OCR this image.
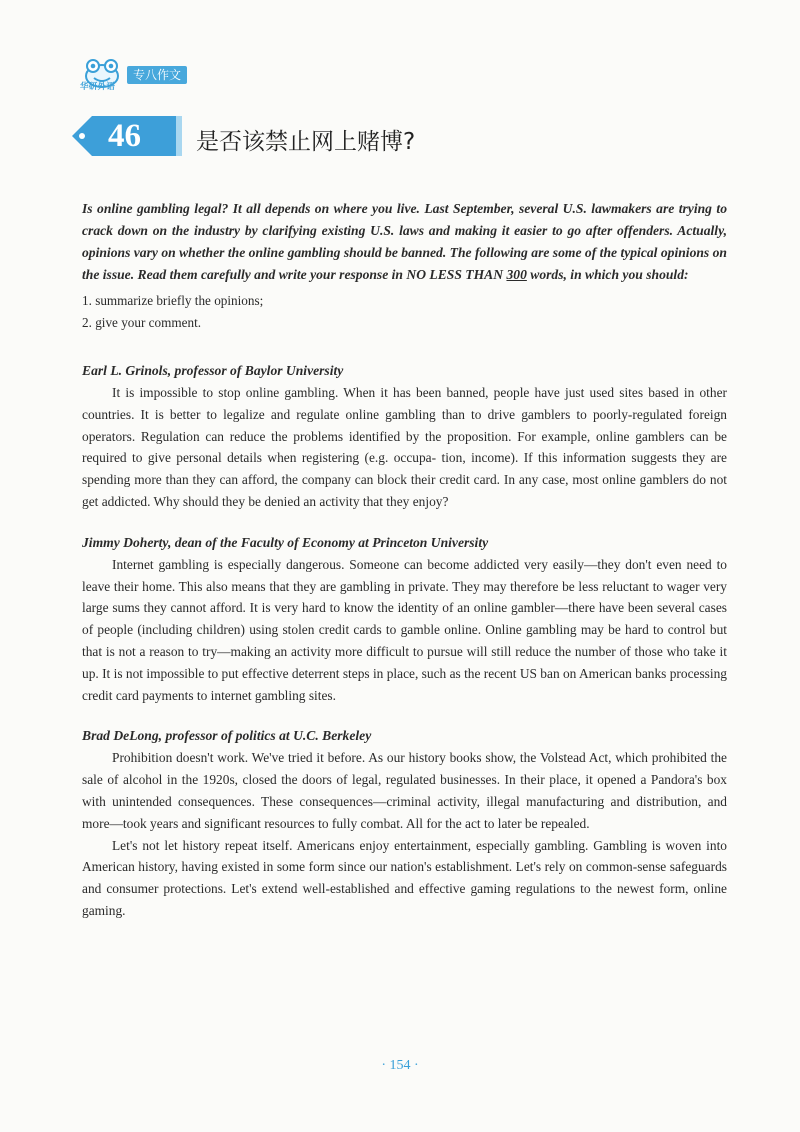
华研外语
专八作文
46	是否该禁止网上赌博?

Is online gambling legal? It all depends on where you live. Last September, several U.S. lawmakers are trying to crack down on the industry by clarifying existing U.S. laws and making it easier to go after offenders. Actually, opinions vary on whether the online gambling should be banned. The following are some of the typical opinions on the issue. Read them carefully and write your response in NO LESS THAN 300 words, in which you should:

1. summarize briefly the opinions;
2. give your comment.

Earl L. Grinols, professor of Baylor University

It is impossible to stop online gambling. When it has been banned, people have just used sites based in other countries. It is better to legalize and regulate online gambling than to drive gamblers to poorly-regulated foreign operators. Regulation can reduce the problems identified by the proposition. For example, online gamblers can be required to give personal details when registering (e.g. occupa- tion, income). If this information suggests they are spending more than they can afford, the company can block their credit card. In any case, most online gamblers do not get addicted. Why should they be denied an activity that they enjoy?

Jimmy Doherty, dean of the Faculty of Economy at Princeton University

Internet gambling is especially dangerous. Someone can become addicted very easily—they don't even need to leave their home. This also means that they are gambling in private. They may therefore be less reluctant to wager very large sums they cannot afford. It is very hard to know the identity of an online gambler—there have been several cases of people (including children) using stolen credit cards to gamble online. Online gambling may be hard to control but that is not a reason to try—making an activity more difficult to pursue will still reduce the number of those who take it up. It is not impossible to put effective deterrent steps in place, such as the recent US ban on American banks processing credit card payments to internet gambling sites.

Brad DeLong, professor of politics at U.C. Berkeley

Prohibition doesn't work. We've tried it before. As our history books show, the Volstead Act, which prohibited the sale of alcohol in the 1920s, closed the doors of legal, regulated businesses. In their place, it opened a Pandora's box with unintended consequences. These consequences—criminal activity, illegal manufacturing and distribution, and more—took years and significant resources to fully combat. All for the act to later be repealed.

Let's not let history repeat itself. Americans enjoy entertainment, especially gambling. Gambling is woven into American history, having existed in some form since our nation's establishment. Let's rely on common-sense safeguards and consumer protections. Let's extend well-established and effective gaming regulations to the newest form, online gaming.

· 154 ·
